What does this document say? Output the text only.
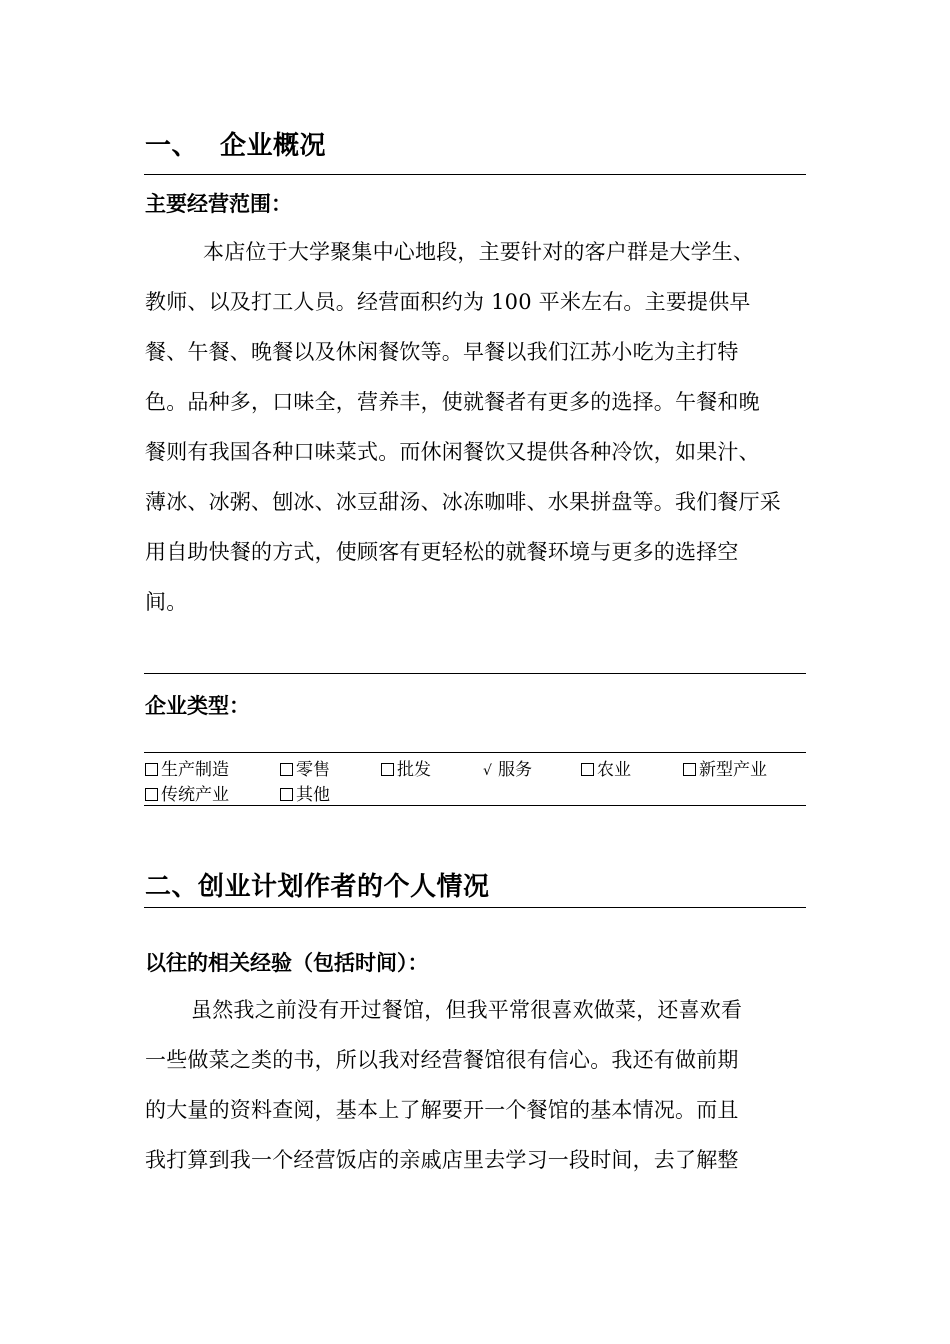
一、 企业概况
主要经营范围：

本店位于大学聚集中心地段，主要针对的客户群是大学生、
教师、以及打工人员。经营面积约为 100 平米左右。主要提供早
餐、午餐、晚餐以及休闲餐饮等。早餐以我们江苏小吃为主打特
色。品种多，口味全，营养丰，使就餐者有更多的选择。午餐和晚
餐则有我国各种口味菜式。而休闲餐饮又提供各种冷饮，如果汁、
薄冰、冰粥、刨冰、冰豆甜汤、冰冻咖啡、水果拼盘等。我们餐厅采
用自助快餐的方式，使顾客有更轻松的就餐环境与更多的选择空
间。

企业类型：
生产制造	零售	批发	√ 服务	农业	新型产业
传统产业	其他
二、创业计划作者的个人情况
以往的相关经验（包括时间）：

虽然我之前没有开过餐馆，但我平常很喜欢做菜，还喜欢看
一些做菜之类的书，所以我对经营餐馆很有信心。我还有做前期
的大量的资料查阅，基本上了解要开一个餐馆的基本情况。而且
我打算到我一个经营饭店的亲戚店里去学习一段时间，去了解整
